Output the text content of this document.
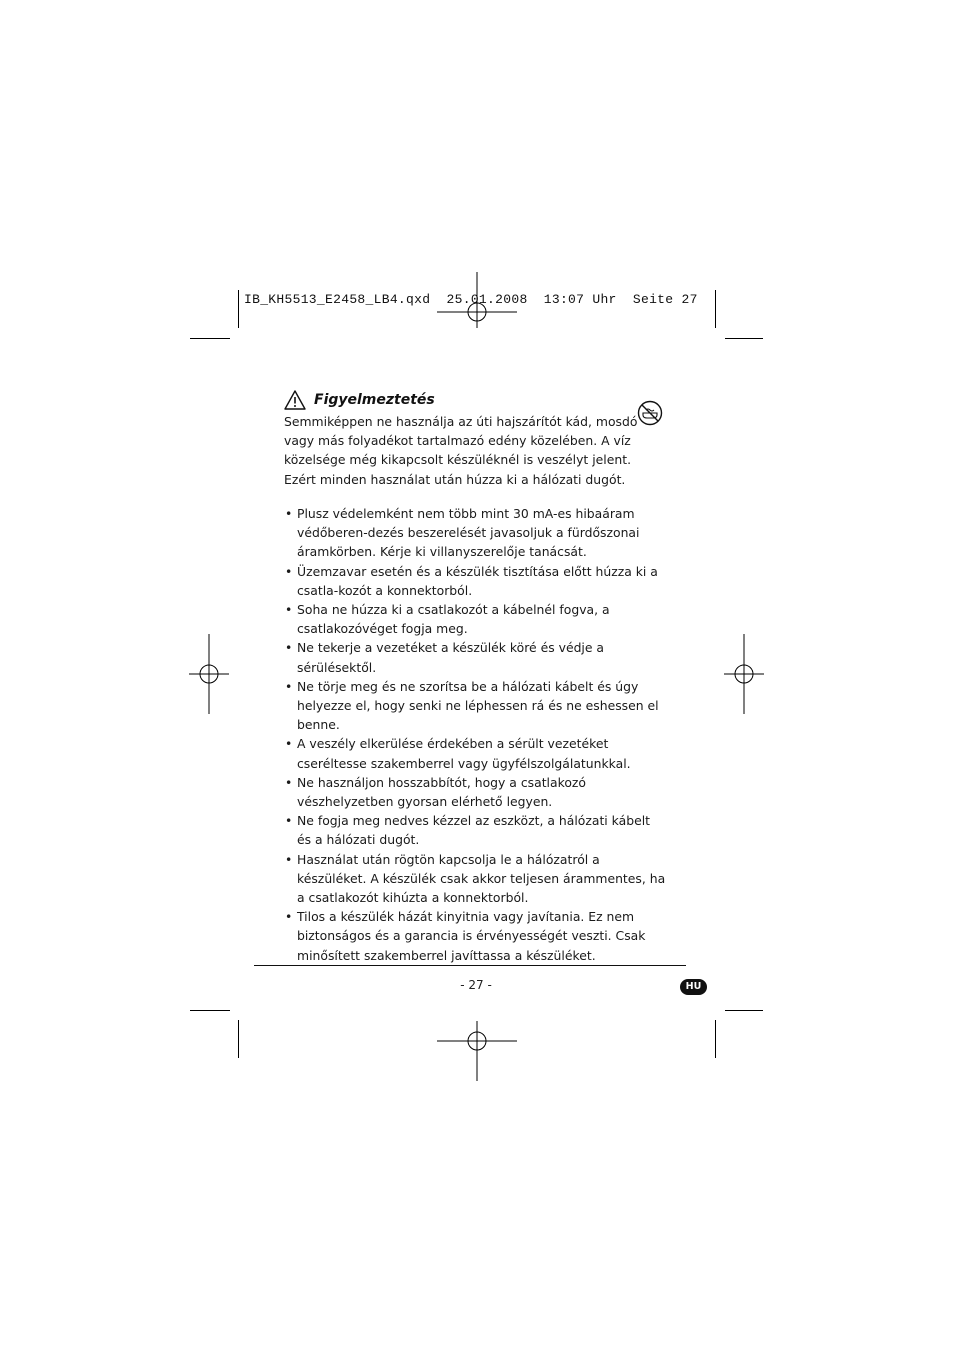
IB_KH5513_E2458_LB4.qxd  25.01.2008  13:07 Uhr  Seite 27
Figyelmeztetés

Semmiképpen ne használja az úti hajszárítót kád, mosdó vagy más folyadékot tartalmazó edény közelében. A víz közelsége még kikapcsolt készüléknél is veszélyt jelent. Ezért minden használat után húzza ki a hálózati dugót.

• Plusz védelemként nem több mint 30 mA-es hibaáram védőberen-dezés beszerelését javasoljuk a fürdőszonai áramkörben. Kérje ki villanyszerelője tanácsát.
• Üzemzavar esetén és a készülék tisztítása előtt húzza ki a csatla-kozót a konnektorból.
• Soha ne húzza ki a csatlakozót a kábelnél fogva, a csatlakozóvéget fogja meg.
• Ne tekerje a vezetéket a készülék köré és védje a sérülésektől.
• Ne törje meg és ne szorítsa be a hálózati kábelt és úgy helyezze el, hogy senki ne léphessen rá és ne eshessen el benne.
• A veszély elkerülése érdekében a sérült vezetéket cseréltesse szakemberrel vagy ügyfélszolgálatunkkal.
• Ne használjon hosszabbítót, hogy a csatlakozó vészhelyzetben gyorsan elérhető legyen.
• Ne fogja meg nedves kézzel az eszközt, a hálózati kábelt és a hálózati dugót.
• Használat után rögtön kapcsolja le a hálózatról a készüléket. A készülék csak akkor teljesen árammentes, ha a csatlakozót kihúzta a konnektorból.
• Tilos a készülék házát kinyitnia vagy javítania. Ez nem biztonságos és a garancia is érvényességét veszti. Csak minősített szakemberrel javíttassa a készüléket.
- 27 -	HU
